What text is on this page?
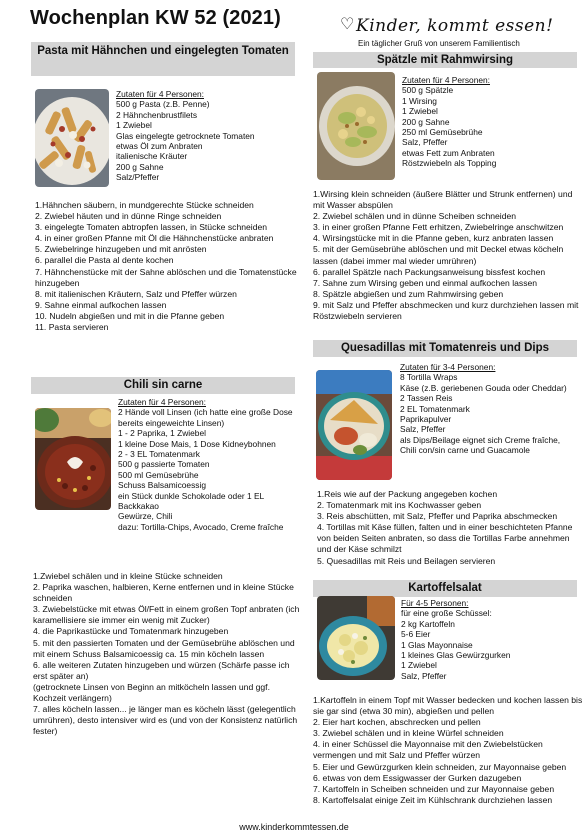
Wochenplan KW 52 (2021)	♡ Kinder, kommt essen!
Ein täglicher Gruß von unserem Familientisch
Pasta mit Hähnchen und eingelegten Tomaten
Zutaten für 4 Personen:
500 g Pasta (z.B. Penne)
2 Hähnchenbrustfilets
1 Zwiebel
Glas eingelegte getrocknete Tomaten
etwas Öl zum Anbraten
italienische Kräuter
200 g Sahne
Salz/Pfeffer
1.Hähnchen säubern, in mundgerechte Stücke schneiden
2. Zwiebel häuten und in dünne Ringe schneiden
3. eingelegte Tomaten abtropfen lassen, in Stücke schneiden
4. in einer großen Pfanne mit Öl die Hähnchenstücke anbraten
5. Zwiebelringe hinzugeben und mit anrösten
6. parallel die Pasta al dente kochen
7. Hähnchenstücke mit der Sahne ablöschen und die Tomatenstücke hinzugeben
8. mit italienischen Kräutern, Salz und Pfeffer würzen
9. Sahne einmal aufkochen lassen
10. Nudeln abgießen und mit in die Pfanne geben
11. Pasta servieren
Chili sin carne
Zutaten für 4 Personen:
2 Hände voll Linsen (ich hatte eine große Dose bereits eingeweichte Linsen)
1 - 2 Paprika, 1 Zwiebel
1 kleine Dose Mais, 1 Dose Kidneybohnen
2 - 3 EL Tomatenmark
500 g passierte Tomaten
500 ml Gemüsebrühe
Schuss Balsamicoessig
ein Stück dunkle Schokolade oder 1 EL Backkakao
Gewürze, Chili
dazu: Tortilla-Chips, Avocado, Creme fraîche
1.Zwiebel schälen und in kleine Stücke schneiden
2. Paprika waschen, halbieren, Kerne entfernen und in kleine Stücke schneiden
3. Zwiebelstücke mit etwas Öl/Fett in einem großen Topf anbraten (ich karamellisiere sie immer ein wenig mit Zucker)
4. die Paprikastücke und Tomatenmark hinzugeben
5. mit den passierten Tomaten und der Gemüsebrühe ablöschen und mit einem Schuss Balsamicoessig ca. 15 min köcheln lassen
6. alle weiteren Zutaten hinzugeben und würzen (Schärfe passe ich erst später an)
(getrocknete Linsen von Beginn an mitköcheln lassen und ggf. Kochzeit verlängern)
7. alles köcheln lassen... je länger man es köcheln lässt (gelegentlich umrühren), desto intensiver wird es (und von der Konsistenz natürlich fester)
Spätzle mit Rahmwirsing
Zutaten für 4 Personen:
500 g Spätzle
1 Wirsing
1 Zwiebel
200 g Sahne
250 ml Gemüsebrühe
Salz, Pfeffer
etwas Fett zum Anbraten
Röstzwiebeln als Topping
1.Wirsing klein schneiden (äußere Blätter und Strunk entfernen) und mit Wasser abspülen
2. Zwiebel schälen und in dünne Scheiben schneiden
3. in einer großen Pfanne Fett erhitzen, Zwiebelringe anschwitzen
4. Wirsingstücke mit in die Pfanne geben, kurz anbraten lassen
5. mit der Gemüsebrühe ablöschen und mit Deckel etwas köcheln lassen (dabei immer mal wieder umrühren)
6. parallel Spätzle nach Packungsanweisung bissfest kochen
7. Sahne zum Wirsing geben und einmal aufkochen lassen
8. Spätzle abgießen und zum Rahmwirsing geben
9. mit Salz und Pfeffer abschmecken und kurz durchziehen lassen mit Röstzwiebeln servieren
Quesadillas mit Tomatenreis und Dips
Zutaten für 3-4 Personen:
8 Tortilla Wraps
Käse (z.B. geriebenen Gouda oder Cheddar)
2 Tassen Reis
2 EL Tomatenmark
Paprikapulver
Salz, Pfeffer
als Dips/Beilage eignet sich Creme fraîche, Chili con/sin carne und Guacamole
1.Reis wie auf der Packung angegeben kochen
2. Tomatenmark mit ins Kochwasser geben
3. Reis abschütten, mit Salz, Pfeffer und Paprika abschmecken
4. Tortillas mit Käse füllen, falten und in einer beschichteten Pfanne von beiden Seiten anbraten, so dass die Tortillas Farbe annehmen und der Käse schmilzt
5. Quesadillas mit Reis und Beilagen servieren
Kartoffelsalat
Für 4-5 Personen:
für eine große Schüssel:
2 kg Kartoffeln
5-6 Eier
1 Glas Mayonnaise
1 kleines Glas Gewürzgurken
1 Zwiebel
Salz, Pfeffer
1.Kartoffeln in einem Topf mit Wasser bedecken und kochen lassen bis sie gar sind (etwa 30 min), abgießen und pellen
2. Eier hart kochen, abschrecken und pellen
3. Zwiebel schälen und in kleine Würfel schneiden
4. in einer Schüssel die Mayonnaise mit den Zwiebelstücken vermengen und mit Salz und Pfeffer würzen
5. Eier und Gewürzgurken klein schneiden, zur Mayonnaise geben
6. etwas von dem Essigwasser der Gurken dazugeben
7. Kartoffeln in Scheiben schneiden und zur Mayonnaise geben
8. Kartoffelsalat einige Zeit im Kühlschrank durchziehen lassen
www.kinderkommtessen.de
